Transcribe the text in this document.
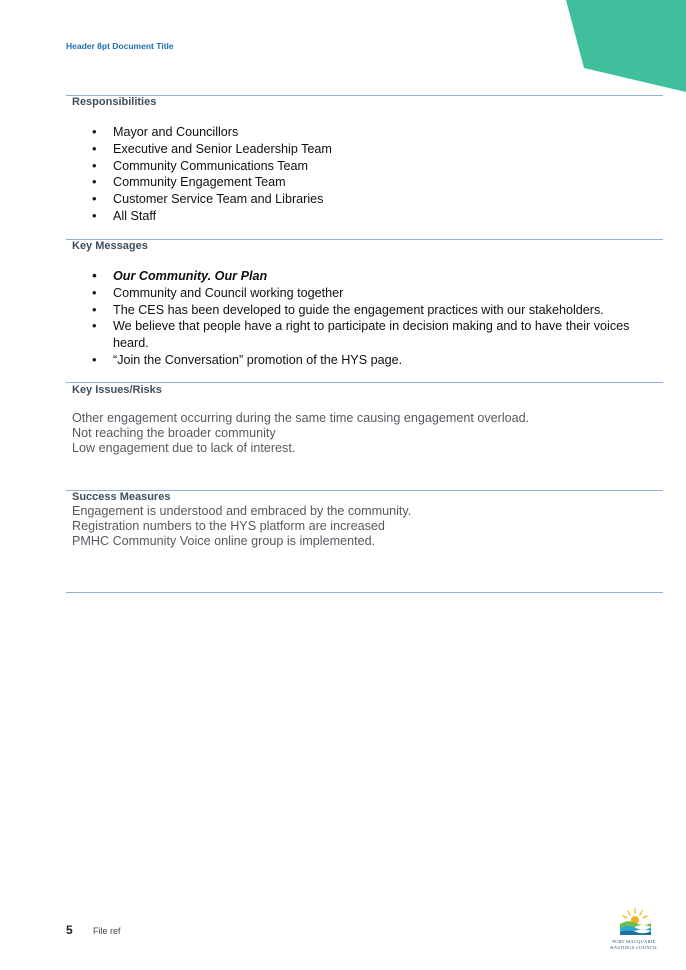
Header 8pt Document Title
Responsibilities
• Mayor and Councillors
• Executive and Senior Leadership Team
• Community Communications Team
• Community Engagement Team
• Customer Service Team and Libraries
• All Staff
Key Messages
• Our Community. Our Plan
• Community and Council working together
• The CES has been developed to guide the engagement practices with our stakeholders.
• We believe that people have a right to participate in decision making and to have their voices heard.
• “Join the Conversation” promotion of the HYS page.
Key Issues/Risks
Other engagement occurring during the same time causing engagement overload.
Not reaching the broader community
Low engagement due to lack of interest.
Success Measures
Engagement is understood and embraced by the community.
Registration numbers to the HYS platform are increased
PMHC Community Voice online group is implemented.
5 File ref
PORT MACQUARIE
HASTINGS COUNCIL
